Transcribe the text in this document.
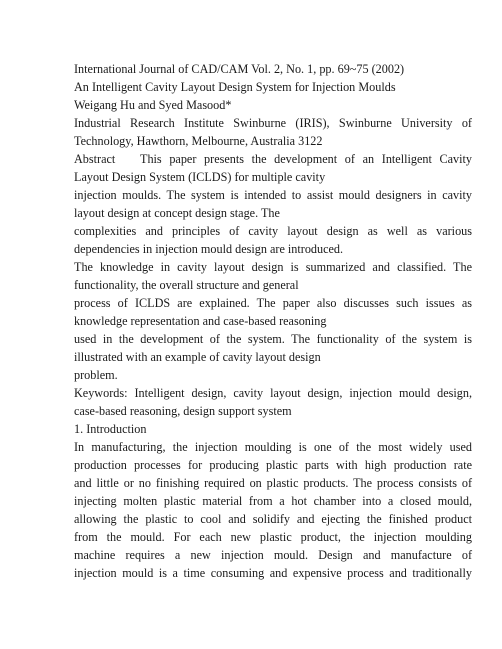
International Journal of CAD/CAM Vol. 2, No. 1, pp. 69~75 (2002)
An Intelligent Cavity Layout Design System for Injection Moulds
Weigang Hu and Syed Masood*
Industrial Research Institute Swinburne (IRIS), Swinburne University of
Technology, Hawthorn, Melbourne, Australia 3122
Abstract This paper presents the development of an Intelligent Cavity
Layout Design System (ICLDS) for multiple cavity
injection moulds. The system is intended to assist mould designers in cavity
layout design at concept design stage. The
complexities and principles of cavity layout design as well as various
dependencies in injection mould design are introduced.
The knowledge in cavity layout design is summarized and classified. The
functionality, the overall structure and general
process of ICLDS are explained. The paper also discusses such issues as
knowledge representation and case-based reasoning
used in the development of the system. The functionality of the system is
illustrated with an example of cavity layout design
problem.
Keywords: Intelligent design, cavity layout design, injection mould design,
case-based reasoning, design support system
1. Introduction
In manufacturing, the injection moulding is one of the most widely used
production processes for producing plastic parts with high production rate
and little or no finishing required on plastic products. The process consists of
injecting molten plastic material from a hot chamber into a closed mould,
allowing the plastic to cool and solidify and ejecting the finished product
from the mould. For each new plastic product, the injection moulding
machine requires a new injection mould. Design and manufacture of
injection mould is a time consuming and expensive process and traditionally
